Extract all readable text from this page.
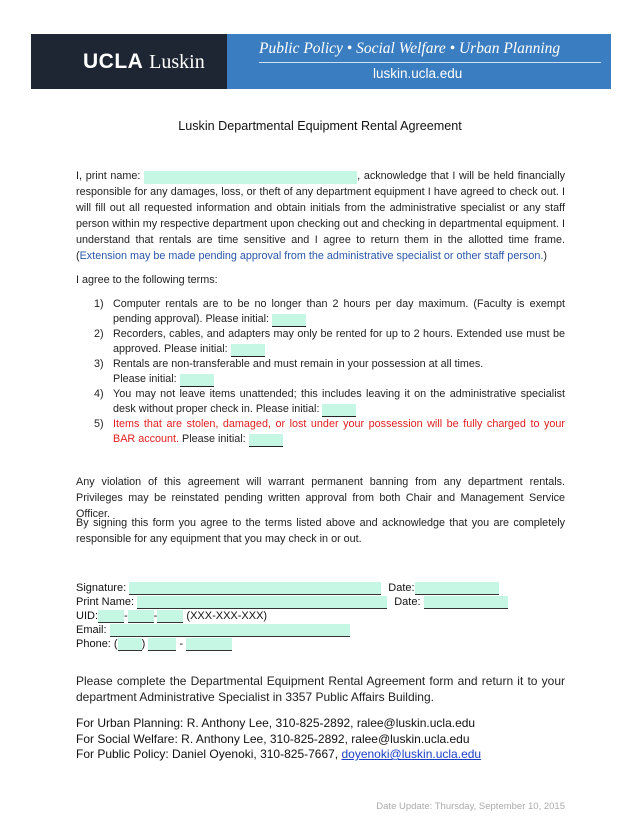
UCLA Luskin
Public Policy • Social Welfare • Urban Planning
luskin.ucla.edu
Luskin Departmental Equipment Rental Agreement
I, print name:	, acknowledge that I will be held financially responsible for any damages, loss, or theft of any department equipment I have agreed to check out. I will fill out all requested information and obtain initials from the administrative specialist or any staff person within my respective department upon checking out and checking in departmental equipment. I understand that rentals are time sensitive and I agree to return them in the allotted time frame. (Extension may be made pending approval from the administrative specialist or other staff person.)
I agree to the following terms:
1) Computer rentals are to be no longer than 2 hours per day maximum. (Faculty is exempt pending approval). Please initial:
2) Recorders, cables, and adapters may only be rented for up to 2 hours. Extended use must be approved. Please initial:
3) Rentals are non-transferable and must remain in your possession at all times.
Please initial:
4) You may not leave items unattended; this includes leaving it on the administrative specialist desk without proper check in. Please initial:
5) Items that are stolen, damaged, or lost under your possession will be fully charged to your BAR account. Please initial:
Any violation of this agreement will warrant permanent banning from any department rentals. Privileges may be reinstated pending written approval from both Chair and Management Service Officer.
By signing this form you agree to the terms listed above and acknowledge that you are completely responsible for any equipment that you may check in or out.
Signature:	Date:
Print Name:	Date:
UID: - - (XXX-XXX-XXX)
Email:
Phone: ( )	-
Please complete the Departmental Equipment Rental Agreement form and return it to your department Administrative Specialist in 3357 Public Affairs Building.
For Urban Planning: R. Anthony Lee, 310-825-2892, ralee@luskin.ucla.edu
For Social Welfare: R. Anthony Lee, 310-825-2892, ralee@luskin.ucla.edu
For Public Policy: Daniel Oyenoki, 310-825-7667, doyenoki@luskin.ucla.edu
Date Update: Thursday, September 10, 2015
